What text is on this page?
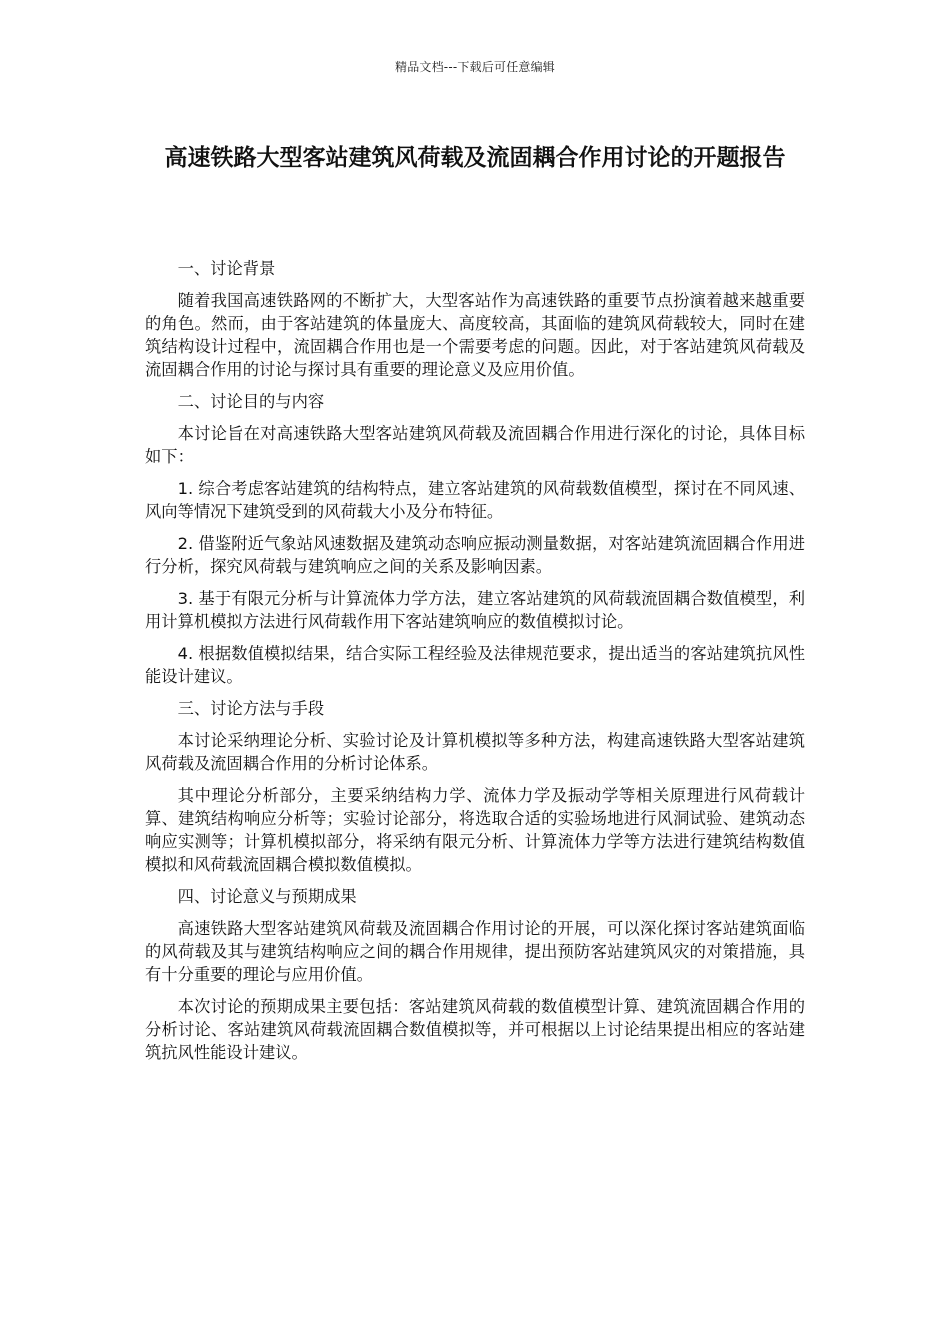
精品文档---下载后可任意编辑
高速铁路大型客站建筑风荷载及流固耦合作用讨论的开题报告

一、讨论背景

随着我国高速铁路网的不断扩大，大型客站作为高速铁路的重要节点扮演着越来越重要的角色。然而，由于客站建筑的体量庞大、高度较高，其面临的建筑风荷载较大，同时在建筑结构设计过程中，流固耦合作用也是一个需要考虑的问题。因此，对于客站建筑风荷载及流固耦合作用的讨论与探讨具有重要的理论意义及应用价值。

二、讨论目的与内容

本讨论旨在对高速铁路大型客站建筑风荷载及流固耦合作用进行深化的讨论，具体目标如下：

1. 综合考虑客站建筑的结构特点，建立客站建筑的风荷载数值模型，探讨在不同风速、风向等情况下建筑受到的风荷载大小及分布特征。

2. 借鉴附近气象站风速数据及建筑动态响应振动测量数据，对客站建筑流固耦合作用进行分析，探究风荷载与建筑响应之间的关系及影响因素。

3. 基于有限元分析与计算流体力学方法，建立客站建筑的风荷载流固耦合数值模型，利用计算机模拟方法进行风荷载作用下客站建筑响应的数值模拟讨论。

4. 根据数值模拟结果，结合实际工程经验及法律规范要求，提出适当的客站建筑抗风性能设计建议。

三、讨论方法与手段

本讨论采纳理论分析、实验讨论及计算机模拟等多种方法，构建高速铁路大型客站建筑风荷载及流固耦合作用的分析讨论体系。

其中理论分析部分，主要采纳结构力学、流体力学及振动学等相关原理进行风荷载计算、建筑结构响应分析等；实验讨论部分，将选取合适的实验场地进行风洞试验、建筑动态响应实测等；计算机模拟部分，将采纳有限元分析、计算流体力学等方法进行建筑结构数值模拟和风荷载流固耦合模拟数值模拟。

四、讨论意义与预期成果

高速铁路大型客站建筑风荷载及流固耦合作用讨论的开展，可以深化探讨客站建筑面临的风荷载及其与建筑结构响应之间的耦合作用规律，提出预防客站建筑风灾的对策措施，具有十分重要的理论与应用价值。

本次讨论的预期成果主要包括：客站建筑风荷载的数值模型计算、建筑流固耦合作用的分析讨论、客站建筑风荷载流固耦合数值模拟等，并可根据以上讨论结果提出相应的客站建筑抗风性能设计建议。
